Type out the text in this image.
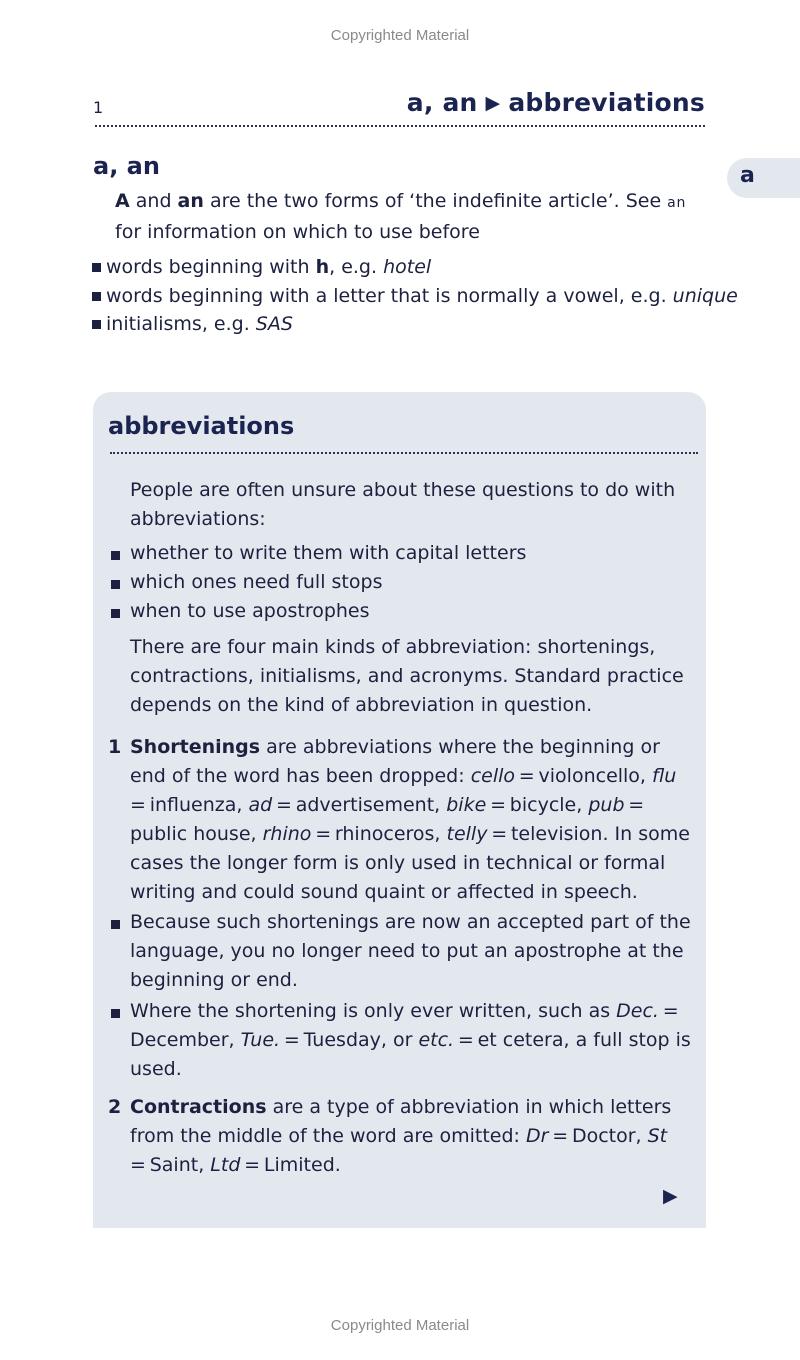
Copyrighted Material
1	a, an ▶ abbreviations
a
a, an
A and an are the two forms of ‘the indefinite article’. See an for information on which to use before
words beginning with h, e.g. hotel
words beginning with a letter that is normally a vowel, e.g. unique
initialisms, e.g. SAS
abbreviations
People are often unsure about these questions to do with abbreviations:
whether to write them with capital letters
which ones need full stops
when to use apostrophes
There are four main kinds of abbreviation: shortenings, contractions, initialisms, and acronyms. Standard practice depends on the kind of abbreviation in question.
1 Shortenings are abbreviations where the beginning or end of the word has been dropped: cello = violoncello, flu = influenza, ad = advertisement, bike = bicycle, pub = public house, rhino = rhinoceros, telly = television. In some cases the longer form is only used in technical or formal writing and could sound quaint or affected in speech.
Because such shortenings are now an accepted part of the language, you no longer need to put an apostrophe at the beginning or end.
Where the shortening is only ever written, such as Dec. = December, Tue. = Tuesday, or etc. = et cetera, a full stop is used.
2 Contractions are a type of abbreviation in which letters from the middle of the word are omitted: Dr = Doctor, St = Saint, Ltd = Limited.
▶
Copyrighted Material
